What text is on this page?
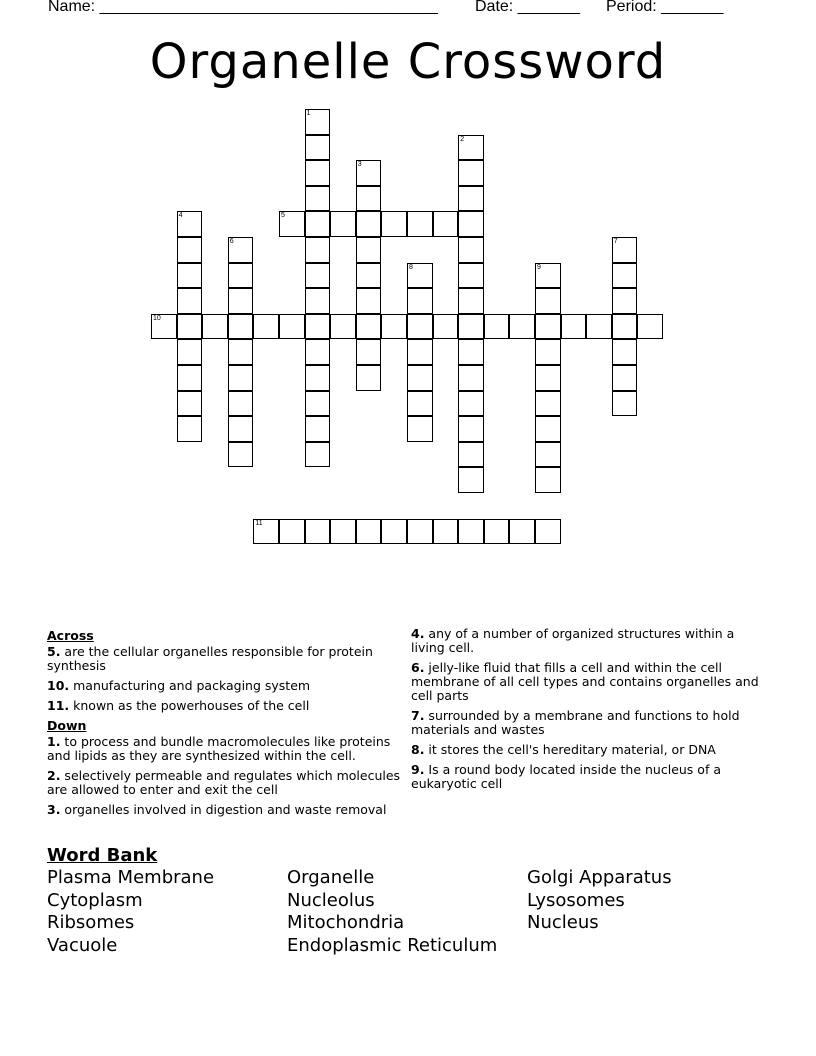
Name: ______________________________________ Date: _______ Period: _______
Organelle Crossword
1
2
3
4	5
6	7
8	9
10
11
Across
5. are the cellular organelles responsible for protein synthesis
10. manufacturing and packaging system
11. known as the powerhouses of the cell
Down
1. to process and bundle macromolecules like proteins and lipids as they are synthesized within the cell.
2. selectively permeable and regulates which molecules are allowed to enter and exit the cell
3. organelles involved in digestion and waste removal
4. any of a number of organized structures within a living cell.
6. jelly-like fluid that fills a cell and within the cell membrane of all cell types and contains organelles and cell parts
7. surrounded by a membrane and functions to hold materials and wastes
8. it stores the cell's hereditary material, or DNA
9. Is a round body located inside the nucleus of a eukaryotic cell
Word Bank
Plasma Membrane	Organelle	Golgi Apparatus
Cytoplasm	Nucleolus	Lysosomes
Ribsomes	Mitochondria	Nucleus
Vacuole	Endoplasmic Reticulum
